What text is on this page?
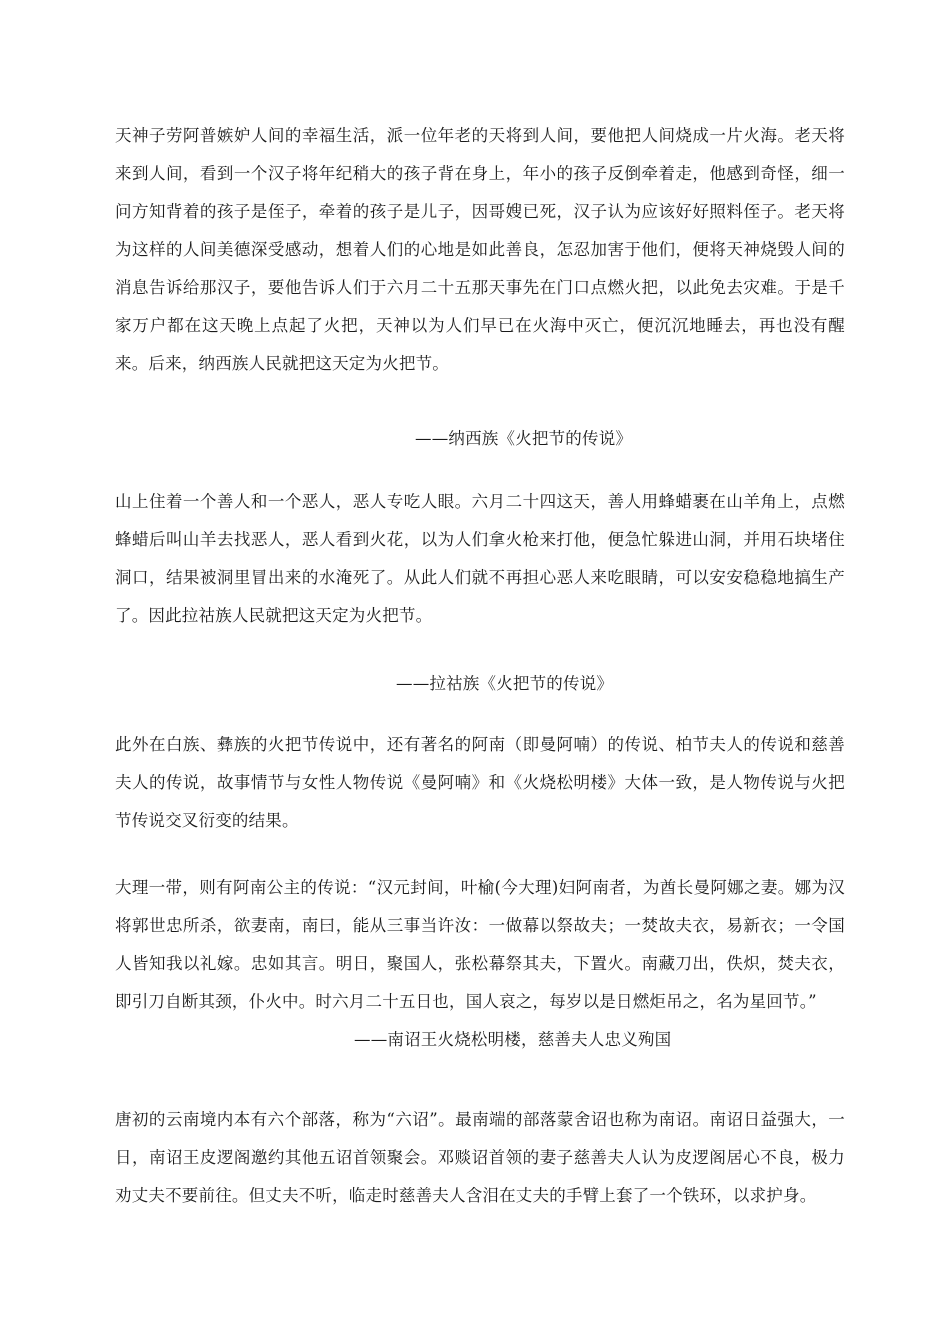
天神子劳阿普嫉妒人间的幸福生活，派一位年老的天将到人间，要他把人间烧成一片火海。老天将来到人间，看到一个汉子将年纪稍大的孩子背在身上，年小的孩子反倒牵着走，他感到奇怪，细一问方知背着的孩子是侄子，牵着的孩子是儿子，因哥嫂已死，汉子认为应该好好照料侄子。老天将为这样的人间美德深受感动，想着人们的心地是如此善良，怎忍加害于他们，便将天神烧毁人间的消息告诉给那汉子，要他告诉人们于六月二十五那天事先在门口点燃火把，以此免去灾难。于是千家万户都在这天晚上点起了火把，天神以为人们早已在火海中灭亡，便沉沉地睡去，再也没有醒来。后来，纳西族人民就把这天定为火把节。

——纳西族《火把节的传说》

山上住着一个善人和一个恶人，恶人专吃人眼。六月二十四这天，善人用蜂蜡裹在山羊角上，点燃蜂蜡后叫山羊去找恶人，恶人看到火花，以为人们拿火枪来打他，便急忙躲进山洞，并用石块堵住洞口，结果被洞里冒出来的水淹死了。从此人们就不再担心恶人来吃眼睛，可以安安稳稳地搞生产了。因此拉祜族人民就把这天定为火把节。

——拉祜族《火把节的传说》

此外在白族、彝族的火把节传说中，还有著名的阿南（即曼阿喃）的传说、柏节夫人的传说和慈善夫人的传说，故事情节与女性人物传说《曼阿喃》和《火烧松明楼》大体一致，是人物传说与火把节传说交叉衍变的结果。

大理一带，则有阿南公主的传说：“汉元封间，叶榆(今大理)妇阿南者，为酋长曼阿娜之妻。娜为汉将郭世忠所杀，欲妻南，南曰，能从三事当许汝：一做幕以祭故夫；一焚故夫衣，易新衣；一令国人皆知我以礼嫁。忠如其言。明日，聚国人，张松幕祭其夫，下置火。南藏刀出，佚炽，焚夫衣，即引刀自断其颈，仆火中。时六月二十五日也，国人哀之，每岁以是日燃炬吊之，名为星回节。”

——南诏王火烧松明楼，慈善夫人忠义殉国

唐初的云南境内本有六个部落，称为“六诏”。最南端的部落蒙舍诏也称为南诏。南诏日益强大，一日，南诏王皮逻阁邀约其他五诏首领聚会。邓赕诏首领的妻子慈善夫人认为皮逻阁居心不良，极力劝丈夫不要前往。但丈夫不听，临走时慈善夫人含泪在丈夫的手臂上套了一个铁环，以求护身。
